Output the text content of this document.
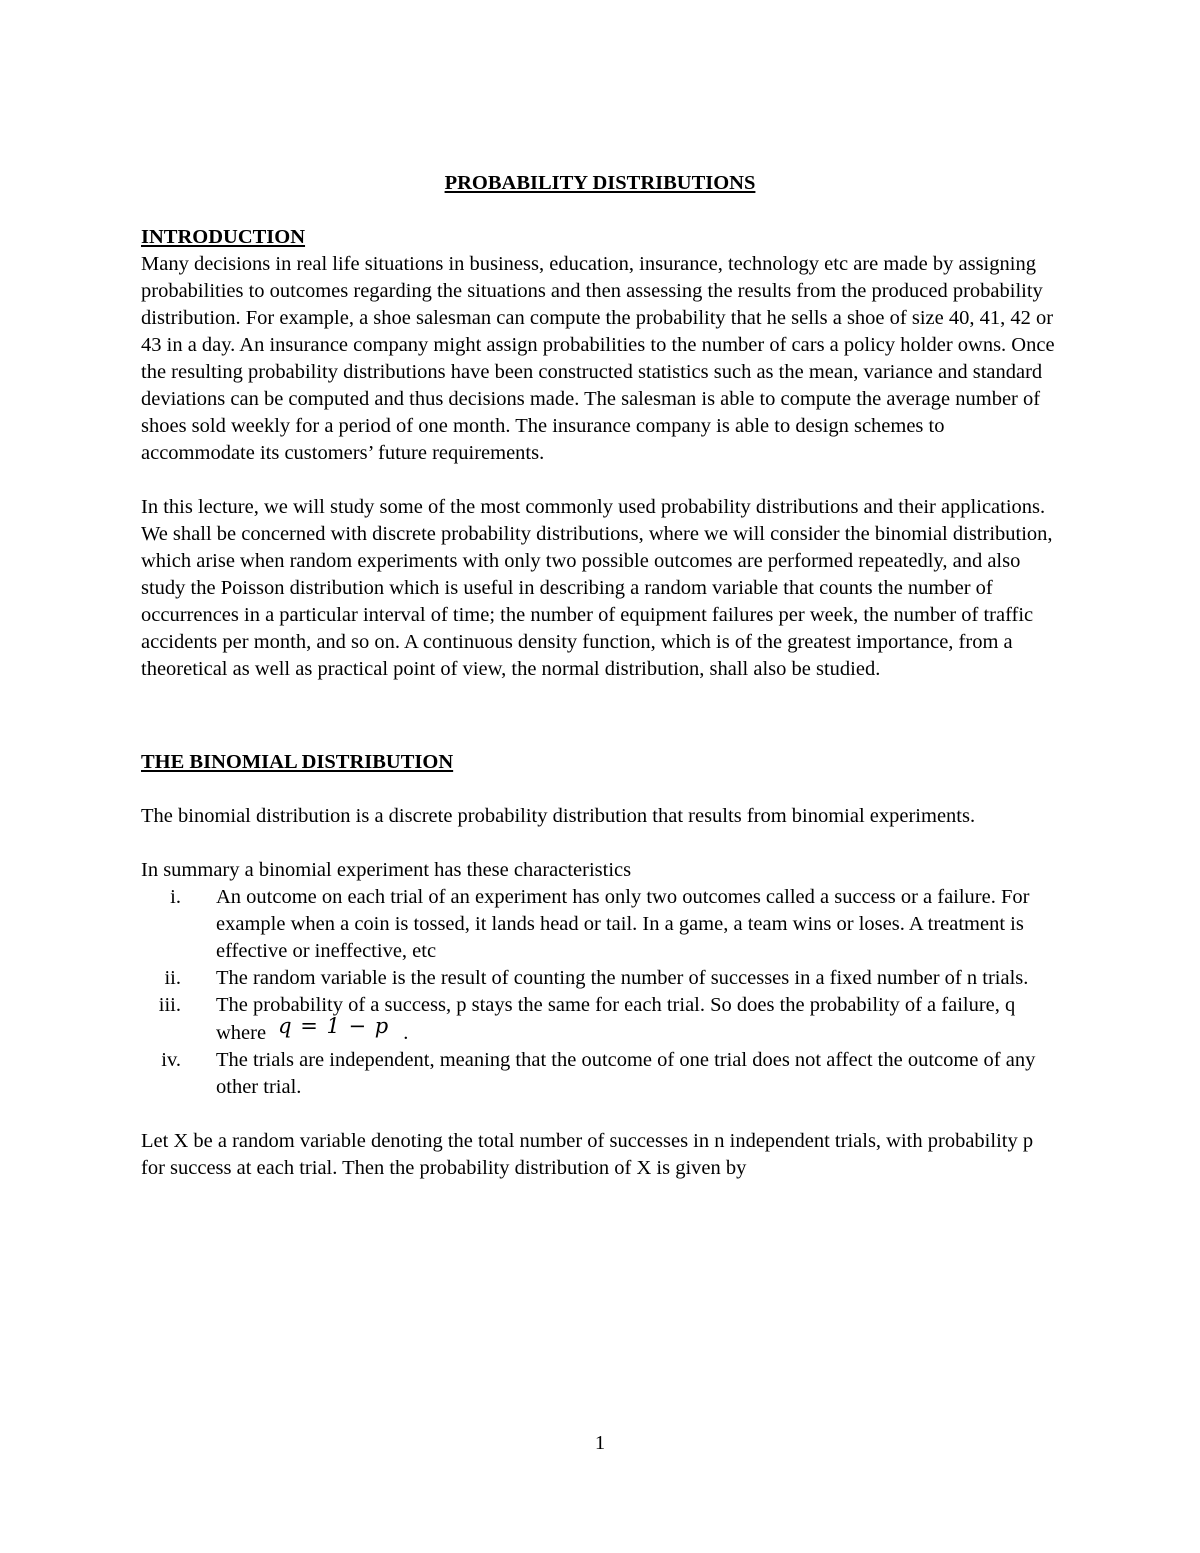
PROBABILITY DISTRIBUTIONS

INTRODUCTION

Many decisions in real life situations in business, education, insurance, technology etc are made by assigning probabilities to outcomes regarding the situations and then assessing the results from the produced probability distribution. For example, a shoe salesman can compute the probability that he sells a shoe of size 40, 41, 42 or 43 in a day. An insurance company might assign probabilities to the number of cars a policy holder owns. Once the resulting probability distributions have been constructed statistics such as the mean, variance and standard deviations can be computed and thus decisions made. The salesman is able to compute the average number of shoes sold weekly for a period of one month. The insurance company is able to design schemes to accommodate its customers’ future requirements.

In this lecture, we will study some of the most commonly used probability distributions and their applications. We shall be concerned with discrete probability distributions, where we will consider the binomial distribution, which arise when random experiments with only two possible outcomes are performed repeatedly, and also study the Poisson distribution which is useful in describing a random variable that counts the number of occurrences in a particular interval of time; the number of equipment failures per week, the number of traffic accidents per month, and so on. A continuous density function, which is of the greatest importance, from a theoretical as well as practical point of view, the normal distribution, shall also be studied.

THE BINOMIAL DISTRIBUTION

The binomial distribution is a discrete probability distribution that results from binomial experiments.

In summary a binomial experiment has these characteristics

i. An outcome on each trial of an experiment has only two outcomes called a success or a failure. For example when a coin is tossed, it lands head or tail. In a game, a team wins or loses. A treatment is effective or ineffective, etc
ii. The random variable is the result of counting the number of successes in a fixed number of n trials.
iii. The probability of a success, p stays the same for each trial. So does the probability of a failure, q where q = 1 − p .
iv. The trials are independent, meaning that the outcome of one trial does not affect the outcome of any other trial.

Let X be a random variable denoting the total number of successes in n independent trials, with probability p for success at each trial. Then the probability distribution of X is given by

1
